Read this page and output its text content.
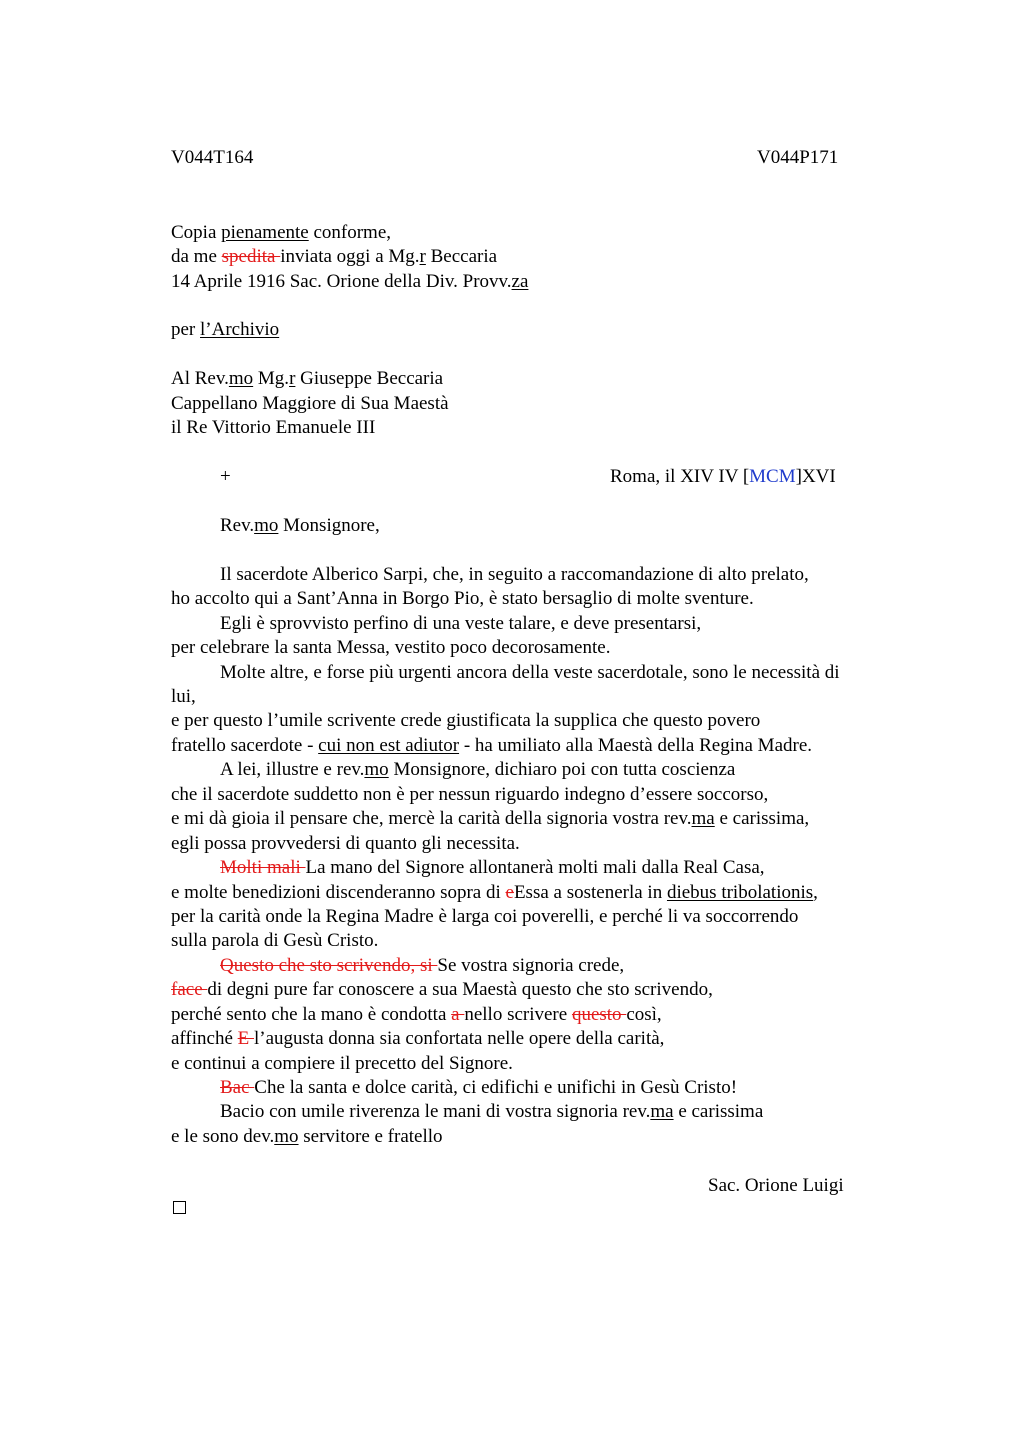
V044T164	V044P171
Copia pienamente conforme,
da me spedita inviata oggi a Mg.r Beccaria
14 Aprile 1916 Sac. Orione della Div. Provv.za
per l’Archivio
Al Rev.mo Mg.r Giuseppe Beccaria
Cappellano Maggiore di Sua Maestà
il Re Vittorio Emanuele III
+	Roma, il XIV IV [MCM]XVI
Rev.mo Monsignore,
Il sacerdote Alberico Sarpi, che, in seguito a raccomandazione di alto prelato,
ho accolto qui a Sant’Anna in Borgo Pio, è stato bersaglio di molte sventure.
Egli è sprovvisto perfino di una veste talare, e deve presentarsi,
per celebrare la santa Messa, vestito poco decorosamente.
Molte altre, e forse più urgenti ancora della veste sacerdotale, sono le necessità di
lui,
e per questo l’umile scrivente crede giustificata la supplica che questo povero
fratello sacerdote - cui non est adiutor - ha umiliato alla Maestà della Regina Madre.
A lei, illustre e rev.mo Monsignore, dichiaro poi con tutta coscienza
che il sacerdote suddetto non è per nessun riguardo indegno d’essere soccorso,
e mi dà gioia il pensare che, mercè la carità della signoria vostra rev.ma e carissima,
egli possa provvedersi di quanto gli necessita.
Molti mali La mano del Signore allontanerà molti mali dalla Real Casa,
e molte benedizioni discenderanno sopra di eEssa a sostenerla in diebus tribolationis,
per la carità onde la Regina Madre è larga coi poverelli, e perché li va soccorrendo
sulla parola di Gesù Cristo.
Questo che sto scrivendo, si Se vostra signoria crede,
face di degni pure far conoscere a sua Maestà questo che sto scrivendo,
perché sento che la mano è condotta a nello scrivere questo così,
affinché E l’augusta donna sia confortata nelle opere della carità,
e continui a compiere il precetto del Signore.
Bac Che la santa e dolce carità, ci edifichi e unifichi in Gesù Cristo!
Bacio con umile riverenza le mani di vostra signoria rev.ma e carissima
e le sono dev.mo servitore e fratello
Sac. Orione Luigi
